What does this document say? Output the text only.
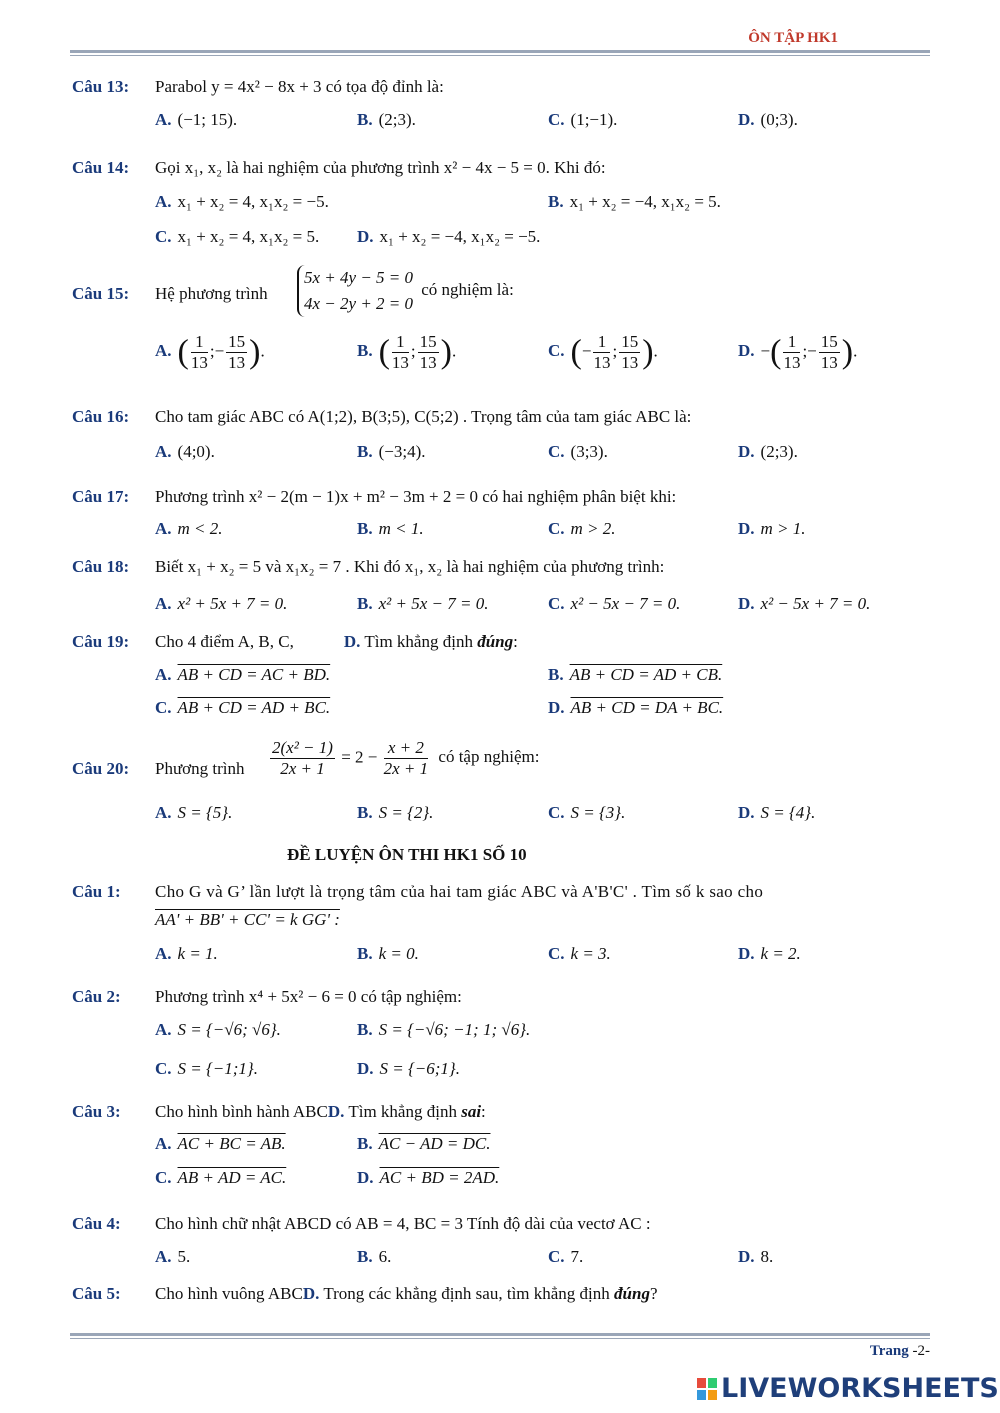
ÔN TẬP HK1
Câu 13: Parabol y = 4x² − 8x + 3 có tọa độ đỉnh là:
A. (−1; 15).	B. (2;3).	C. (1;−1).	D. (0;3).
Câu 14: Gọi x₁, x₂ là hai nghiệm của phương trình x² − 4x − 5 = 0. Khi đó:
A. x₁ + x₂ = 4, x₁x₂ = −5.	B. x₁ + x₂ = −4, x₁x₂ = 5.
C. x₁ + x₂ = 4, x₁x₂ = 5. D. x₁ + x₂ = −4, x₁x₂ = −5.
Câu 15: Hệ phương trình
5x + 4y − 5 = 0
4x − 2y + 2 = 0
có nghiệm là:
A. ( $\frac{1}{13}$ ;− $\frac{15}{13}$ ).	B. ( $\frac{1}{13}$ ; $\frac{15}{13}$ ).	C. (− $\frac{1}{13}$ ; $\frac{15}{13}$ ).	D. −( $\frac{1}{13}$ ;− $\frac{15}{13}$ ).
Câu 16: Cho tam giác ABC có A(1;2), B(3;5), C(5;2) . Trọng tâm của tam giác ABC là:
A. (4;0).	B. (−3;4).	C. (3;3).	D. (2;3).
Câu 17: Phương trình x² − 2(m − 1)x + m² − 3m + 2 = 0 có hai nghiệm phân biệt khi:
A. m < 2.	B. m < 1.	C. m > 2.	D. m > 1.
Câu 18: Biết x₁ + x₂ = 5 và x₁x₂ = 7 . Khi đó x₁, x₂ là hai nghiệm của phương trình:
A. x² + 5x + 7 = 0.	B. x² + 5x − 7 = 0.	C. x² − 5x − 7 = 0.	D. x² − 5x + 7 = 0.
Câu 19: Cho 4 điểm A, B, C,	D. Tìm khẳng định đúng:
A. AB + CD = AC + BD.	B. AB + CD = AD + CB.
C. AB + CD = AD + BC.	D. AB + CD = DA + BC.
Câu 20: Phương trình $\frac{\text{2(x² − 1)}}{2x + 1} = 2 - \frac{x + 2}{2x + 1}$ có tập nghiệm:
A. S = {5}.	B. S = {2}.	C. S = {3}.	D. S = {4}.
ĐỀ LUYỆN ÔN THI HK1 SỐ 10
Câu 1: Cho G và G’ lần lượt là trọng tâm của hai tam giác ABC và A'B'C' . Tìm số k sao cho
AA' + BB' + CC' = k GG' :
A. k = 1.	B. k = 0.	C. k = 3.	D. k = 2.
Câu 2: Phương trình x⁴ + 5x² − 6 = 0 có tập nghiệm:
A. S = {−√6; √6}.	B. S = {−√6; −1; 1; √6}.
C. S = {−1;1}.	D. S = {−6;1}.
Câu 3: Cho hình bình hành ABCD. Tìm khẳng định sai:
A. AC + BC = AB.	B. AC − AD = DC.
C. AB + AD = AC.	D. AC + BD = 2AD.
Câu 4: Cho hình chữ nhật ABCD có AB = 4, BC = 3 Tính độ dài của vectơ AC :
A. 5.	B. 6.	C. 7.	D. 8.
Câu 5: Cho hình vuông ABCD. Trong các khẳng định sau, tìm khẳng định đúng?
Trang -2-
LIVEWORKSHEETS
